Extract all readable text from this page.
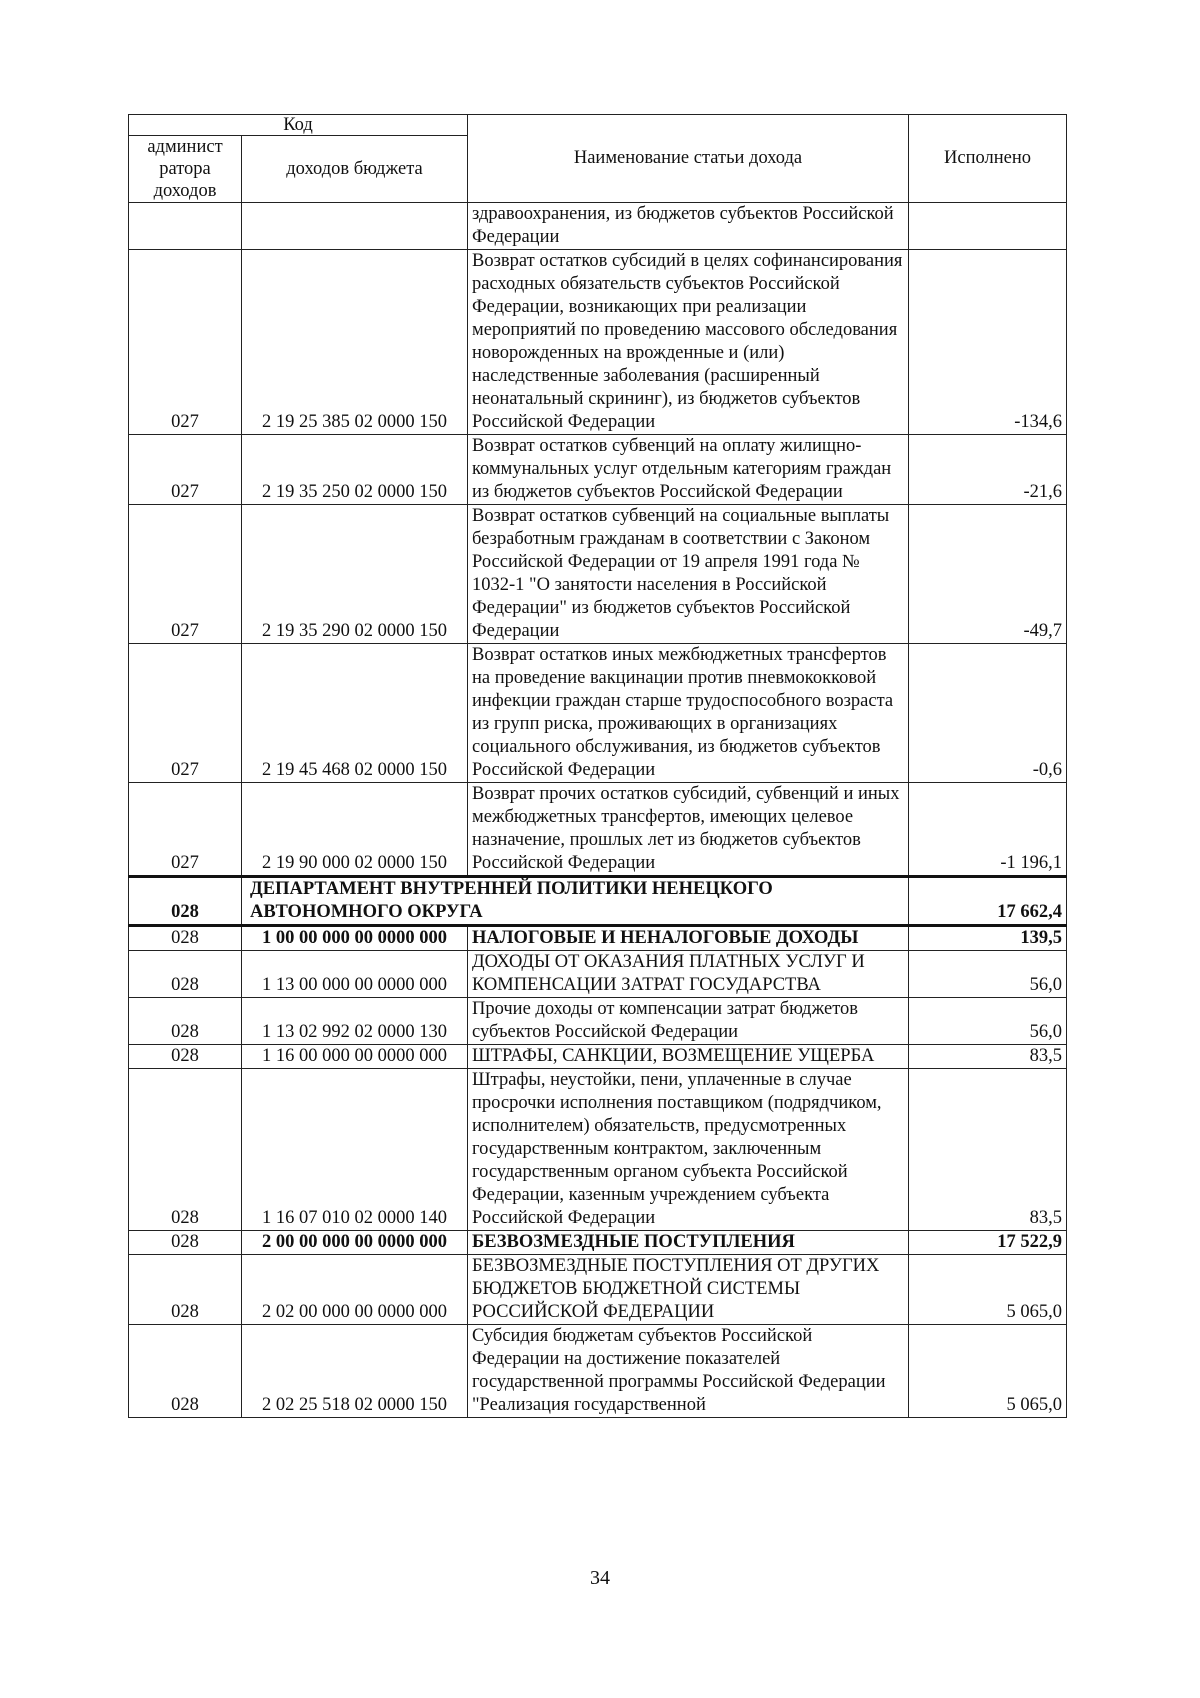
Код		Наименование статьи дохода	Исполнено
админист ратора доходов	доходов бюджета		
		здравоохранения, из бюджетов субъектов Российской Федерации	
027	2 19 25 385 02 0000 150	Возврат остатков субсидий в целях софинансирования расходных обязательств субъектов Российской Федерации, возникающих при реализации мероприятий по проведению массового обследования новорожденных на врожденные и (или) наследственные заболевания (расширенный неонатальный скрининг), из бюджетов субъектов Российской Федерации	-134,6
027	2 19 35 250 02 0000 150	Возврат остатков субвенций на оплату жилищно-коммунальных услуг отдельным категориям граждан из бюджетов субъектов Российской Федерации	-21,6
027	2 19 35 290 02 0000 150	Возврат остатков субвенций на социальные выплаты безработным гражданам в соответствии с Законом Российской Федерации от 19 апреля 1991 года № 1032-1 "О занятости населения в Российской Федерации" из бюджетов субъектов Российской Федерации	-49,7
027	2 19 45 468 02 0000 150	Возврат остатков иных межбюджетных трансфертов на проведение вакцинации против пневмококковой инфекции граждан старше трудоспособного возраста из групп риска, проживающих в организациях социального обслуживания, из бюджетов субъектов Российской Федерации	-0,6
027	2 19 90 000 02 0000 150	Возврат прочих остатков субсидий, субвенций и иных межбюджетных трансфертов, имеющих целевое назначение, прошлых лет из бюджетов субъектов Российской Федерации	-1 196,1
028	ДЕПАРТАМЕНТ ВНУТРЕННЕЙ ПОЛИТИКИ НЕНЕЦКОГО АВТОНОМНОГО ОКРУГА		17 662,4
028	1 00 00 000 00 0000 000	НАЛОГОВЫЕ И НЕНАЛОГОВЫЕ ДОХОДЫ	139,5
028	1 13 00 000 00 0000 000	ДОХОДЫ ОТ ОКАЗАНИЯ ПЛАТНЫХ УСЛУГ И КОМПЕНСАЦИИ ЗАТРАТ ГОСУДАРСТВА	56,0
028	1 13 02 992 02 0000 130	Прочие доходы от компенсации затрат бюджетов субъектов Российской Федерации	56,0
028	1 16 00 000 00 0000 000	ШТРАФЫ, САНКЦИИ, ВОЗМЕЩЕНИЕ УЩЕРБА	83,5
028	1 16 07 010 02 0000 140	Штрафы, неустойки, пени, уплаченные в случае просрочки исполнения поставщиком (подрядчиком, исполнителем) обязательств, предусмотренных государственным контрактом, заключенным государственным органом субъекта Российской Федерации, казенным учреждением субъекта Российской Федерации	83,5
028	2 00 00 000 00 0000 000	БЕЗВОЗМЕЗДНЫЕ ПОСТУПЛЕНИЯ	17 522,9
028	2 02 00 000 00 0000 000	БЕЗВОЗМЕЗДНЫЕ ПОСТУПЛЕНИЯ ОТ ДРУГИХ БЮДЖЕТОВ БЮДЖЕТНОЙ СИСТЕМЫ РОССИЙСКОЙ ФЕДЕРАЦИИ	5 065,0
028	2 02 25 518 02 0000 150	Субсидия бюджетам субъектов Российской Федерации на достижение показателей государственной программы Российской Федерации "Реализация государственной	5 065,0
34
